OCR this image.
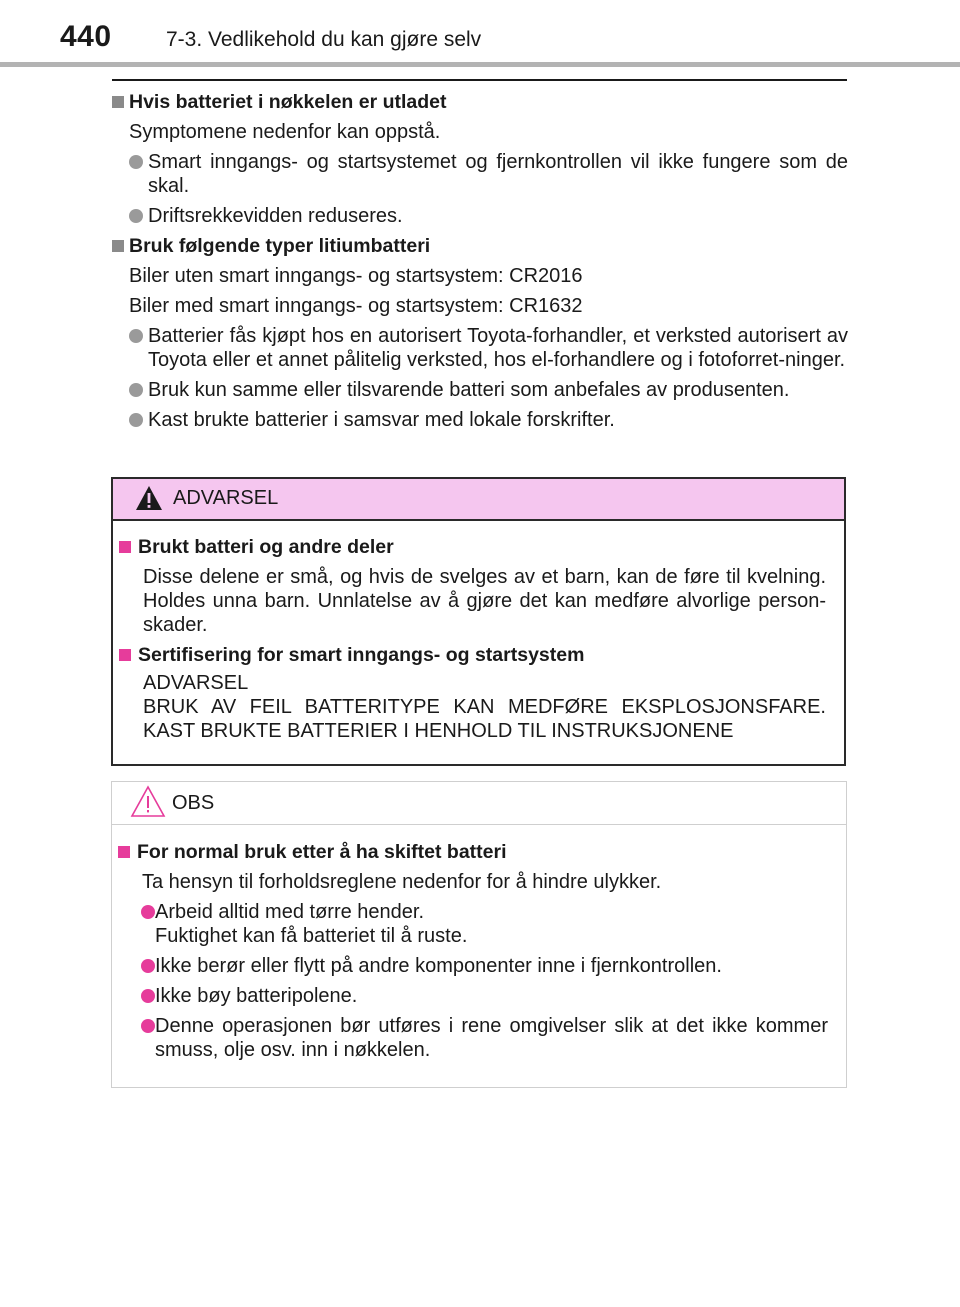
440	7-3. Vedlikehold du kan gjøre selv
Hvis batteriet i nøkkelen er utladet
Symptomene nedenfor kan oppstå.
Smart inngangs- og startsystemet og fjernkontrollen vil ikke fungere som de skal.
Driftsrekkevidden reduseres.
Bruk følgende typer litiumbatteri
Biler uten smart inngangs- og startsystem: CR2016
Biler med smart inngangs- og startsystem: CR1632
Batterier fås kjøpt hos en autorisert Toyota-forhandler, et verksted autorisert av Toyota eller et annet pålitelig verksted, hos el-forhandlere og i fotoforret-ninger.
Bruk kun samme eller tilsvarende batteri som anbefales av produsenten.
Kast brukte batterier i samsvar med lokale forskrifter.
ADVARSEL
Brukt batteri og andre deler
Disse delene er små, og hvis de svelges av et barn, kan de føre til kvelning. Holdes unna barn. Unnlatelse av å gjøre det kan medføre alvorlige person-skader.
Sertifisering for smart inngangs- og startsystem
ADVARSEL
BRUK AV FEIL BATTERITYPE KAN MEDFØRE EKSPLOSJONSFARE.
KAST BRUKTE BATTERIER I HENHOLD TIL INSTRUKSJONENE
OBS
For normal bruk etter å ha skiftet batteri
Ta hensyn til forholdsreglene nedenfor for å hindre ulykker.
Arbeid alltid med tørre hender.
Fuktighet kan få batteriet til å ruste.
Ikke berør eller flytt på andre komponenter inne i fjernkontrollen.
Ikke bøy batteripolene.
Denne operasjonen bør utføres i rene omgivelser slik at det ikke kommer smuss, olje osv. inn i nøkkelen.
